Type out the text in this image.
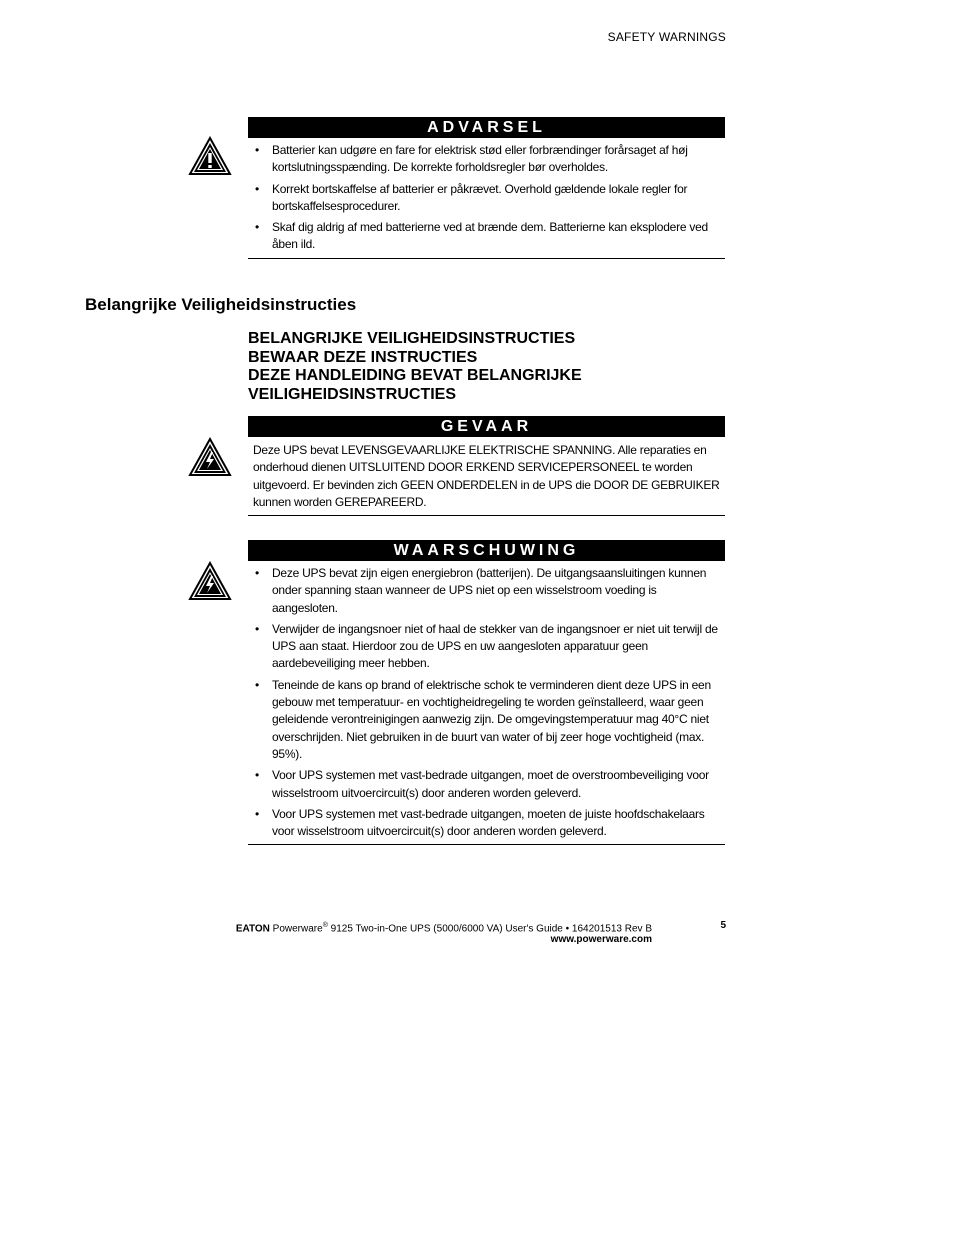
SAFETY WARNINGS
ADVARSEL
• Batterier kan udgøre en fare for elektrisk stød eller forbrændinger forårsaget af høj kortslutningsspænding. De korrekte forholdsregler bør overholdes.
• Korrekt bortskaffelse af batterier er påkrævet. Overhold gældende lokale regler for bortskaffelsesprocedurer.
• Skaf dig aldrig af med batterierne ved at brænde dem. Batterierne kan eksplodere ved åben ild.
Belangrijke Veiligheidsinstructies
BELANGRIJKE VEILIGHEIDSINSTRUCTIES
BEWAAR DEZE INSTRUCTIES
DEZE HANDLEIDING BEVAT BELANGRIJKE
VEILIGHEIDSINSTRUCTIES
GEVAAR
Deze UPS bevat LEVENSGEVAARLIJKE ELEKTRISCHE SPANNING. Alle reparaties en onderhoud dienen UITSLUITEND DOOR ERKEND SERVICEPERSONEEL te worden uitgevoerd. Er bevinden zich GEEN ONDERDELEN in de UPS die DOOR DE GEBRUIKER kunnen worden GEREPAREERD.
WAARSCHUWING
• Deze UPS bevat zijn eigen energiebron (batterijen). De uitgangsaansluitingen kunnen onder spanning staan wanneer de UPS niet op een wisselstroom voeding is aangesloten.
• Verwijder de ingangsnoer niet of haal de stekker van de ingangsnoer er niet uit terwijl de UPS aan staat. Hierdoor zou de UPS en uw aangesloten apparatuur geen aardebeveiliging meer hebben.
• Teneinde de kans op brand of elektrische schok te verminderen dient deze UPS in een gebouw met temperatuur- en vochtigheidregeling te worden geïnstalleerd, waar geen geleidende verontreinigingen aanwezig zijn. De omgevingstemperatuur mag 40°C niet overschrijden. Niet gebruiken in de buurt van water of bij zeer hoge vochtigheid (max. 95%).
• Voor UPS systemen met vast-bedrade uitgangen, moet de overstroombeveiliging voor wisselstroom uitvoercircuit(s) door anderen worden geleverd.
• Voor UPS systemen met vast-bedrade uitgangen, moeten de juiste hoofdschakelaars voor wisselstroom uitvoercircuit(s) door anderen worden geleverd.
EATON Powerware® 9125 Two-in-One UPS (5000/6000 VA) User's Guide • 164201513 Rev B
www.powerware.com
5
